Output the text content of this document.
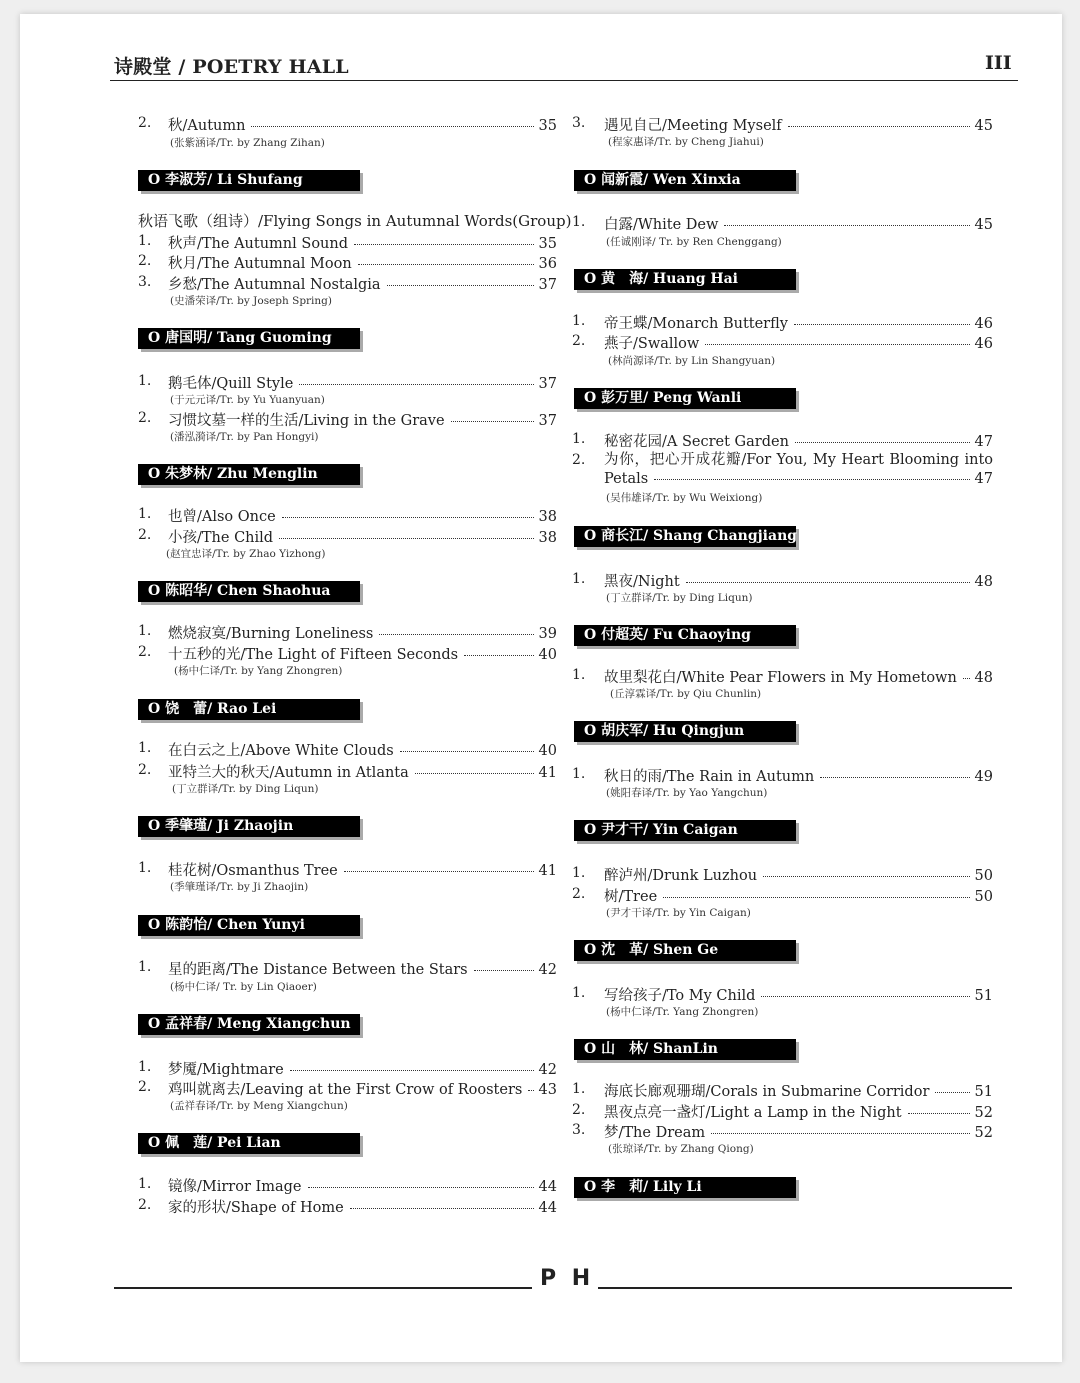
诗殿堂 / POETRY HALL	III
2. 秋/Autumn	35
(张紫涵译/Tr. by Zhang Zihan)
O 李淑芳/ Li Shufang
秋语飞歌（组诗）/Flying Songs in Autumnal Words(Group)
1. 秋声/The Autumnl Sound	35
2. 秋月/The Autumnal Moon	36
3. 乡愁/The Autumnal Nostalgia	37
(史潘荣译/Tr. by Joseph Spring)
O 唐国明/ Tang Guoming
1. 鹅毛体/Quill Style	37
(于元元译/Tr. by Yu Yuanyuan)
2. 习惯坟墓一样的生活/Living in the Grave	37
(潘泓漪译/Tr. by Pan Hongyi)
O 朱梦林/ Zhu Menglin
1. 也曾/Also Once	38
2. 小孩/The Child	38
(赵宜忠译/Tr. by Zhao Yizhong)
O 陈昭华/ Chen Shaohua
1. 燃烧寂寞/Burning Loneliness	39
2. 十五秒的光/The Light of Fifteen Seconds	40
(杨中仁译/Tr. by Yang Zhongren)
O 饶　蕾/ Rao Lei
1. 在白云之上/Above White Clouds	40
2. 亚特兰大的秋天/Autumn in Atlanta	41
(丁立群译/Tr. by Ding Liqun)
O 季肇瑾/ Ji Zhaojin
1. 桂花树/Osmanthus Tree	41
(季肇瑾译/Tr. by Ji Zhaojin)
O 陈韵怡/ Chen Yunyi
1. 星的距离/The Distance Between the Stars	42
(杨中仁译/ Tr. by Lin Qiaoer)
O 孟祥春/ Meng Xiangchun
1. 梦魇/Mightmare	42
2. 鸡叫就离去/Leaving at the First Crow of Roosters 43
(孟祥春译/Tr. by Meng Xiangchun)
O 佩　莲/ Pei Lian
1. 镜像/Mirror Image	44
2. 家的形状/Shape of Home	44
3. 遇见自己/Meeting Myself	45
(程家惠译/Tr. by Cheng Jiahui)
O 闻新霞/ Wen Xinxia
1. 白露/White Dew	45
(任诚刚译/ Tr. by Ren Chenggang)
O 黄　海/ Huang Hai
1. 帝王蝶/Monarch Butterfly	46
2. 燕子/Swallow	46
(林尚源译/Tr. by Lin Shangyuan)
O 彭万里/ Peng Wanli
1. 秘密花园/A Secret Garden	47
2. 为你，把心开成花瓣/For You, My Heart Blooming into
Petals	47
(吴伟雄译/Tr. by Wu Weixiong)
O 商长江/ Shang Changjiang
1. 黑夜/Night	48
(丁立群译/Tr. by Ding Liqun)
O 付超英/ Fu Chaoying
1. 故里梨花白/White Pear Flowers in My Hometown 48
(丘淳霖译/Tr. by Qiu Chunlin)
O 胡庆军/ Hu Qingjun
1. 秋日的雨/The Rain in Autumn	49
(姚阳春译/Tr. by Yao Yangchun)
O 尹才干/ Yin Caigan
1. 醉泸州/Drunk Luzhou	50
2. 树/Tree	50
(尹才干译/Tr. by Yin Caigan)
O 沈　革/ Shen Ge
1. 写给孩子/To My Child	51
(杨中仁译/Tr. Yang Zhongren)
O 山　林/ ShanLin
1. 海底长廊观珊瑚/Corals in Submarine Corridor	51
2. 黑夜点亮一盏灯/Light a Lamp in the Night	52
3. 梦/The Dream	52
(张琼译/Tr. by Zhang Qiong)
O 李　莉/ Lily Li
P H
